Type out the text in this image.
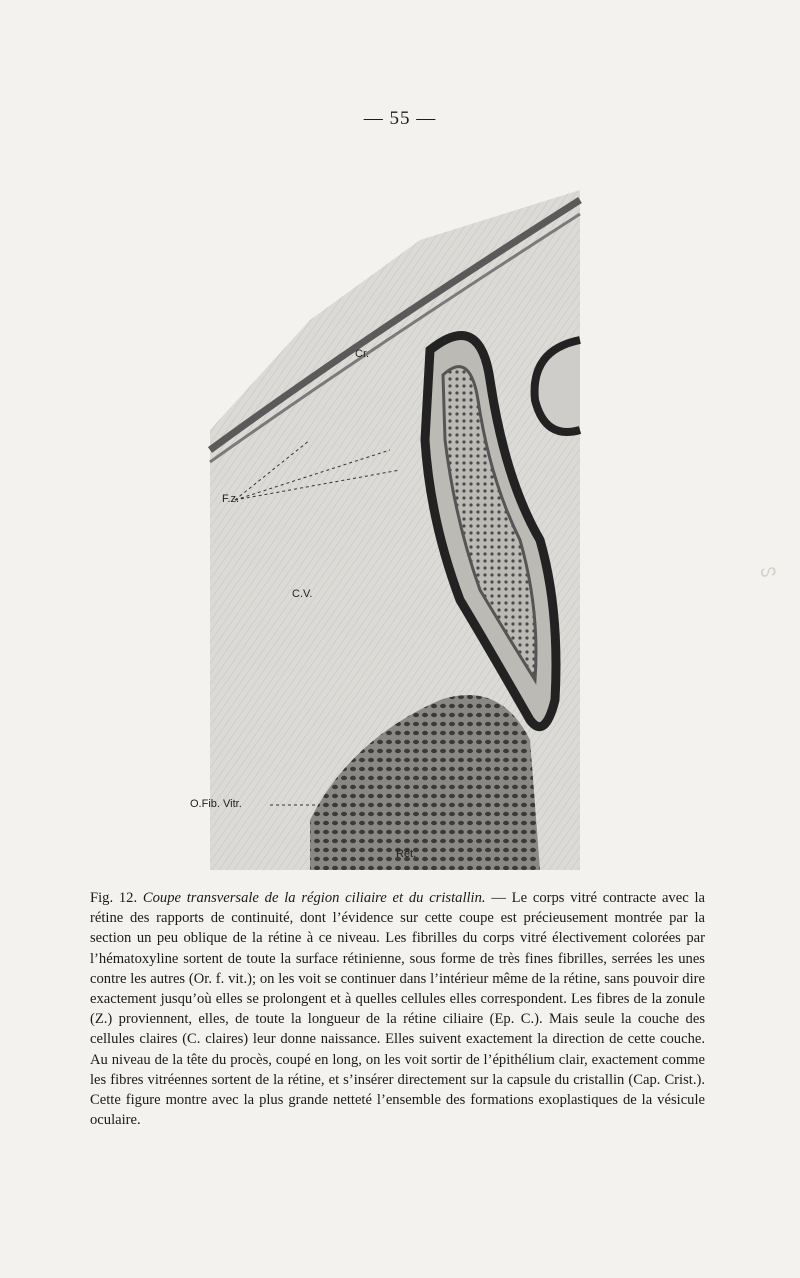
— 55 —
ᔕ
Cr.
F.z.
C.V.
O.Fib. Vitr.
Rét.
Fig. 12. Coupe transversale de la région ciliaire et du cristallin. — Le corps vitré contracte avec la rétine des rapports de continuité, dont l’évidence sur cette coupe est précieusement montrée par la section un peu oblique de la rétine à ce niveau. Les fibrilles du corps vitré électivement colorées par l’hématoxyline sortent de toute la surface rétinienne, sous forme de très fines fibrilles, serrées les unes contre les autres (Or. f. vit.); on les voit se continuer dans l’intérieur même de la rétine, sans pouvoir dire exactement jusqu’où elles se prolongent et à quelles cellules elles correspondent. Les fibres de la zonule (Z.) proviennent, elles, de toute la longueur de la rétine ciliaire (Ep. C.). Mais seule la couche des cellules claires (C. claires) leur donne naissance. Elles suivent exactement la direction de cette couche. Au niveau de la tête du procès, coupé en long, on les voit sortir de l’épithélium clair, exactement comme les fibres vitréennes sortent de la rétine, et s’insérer directement sur la capsule du cristallin (Cap. Crist.). Cette figure montre avec la plus grande netteté l’ensemble des formations exoplastiques de la vésicule oculaire.
